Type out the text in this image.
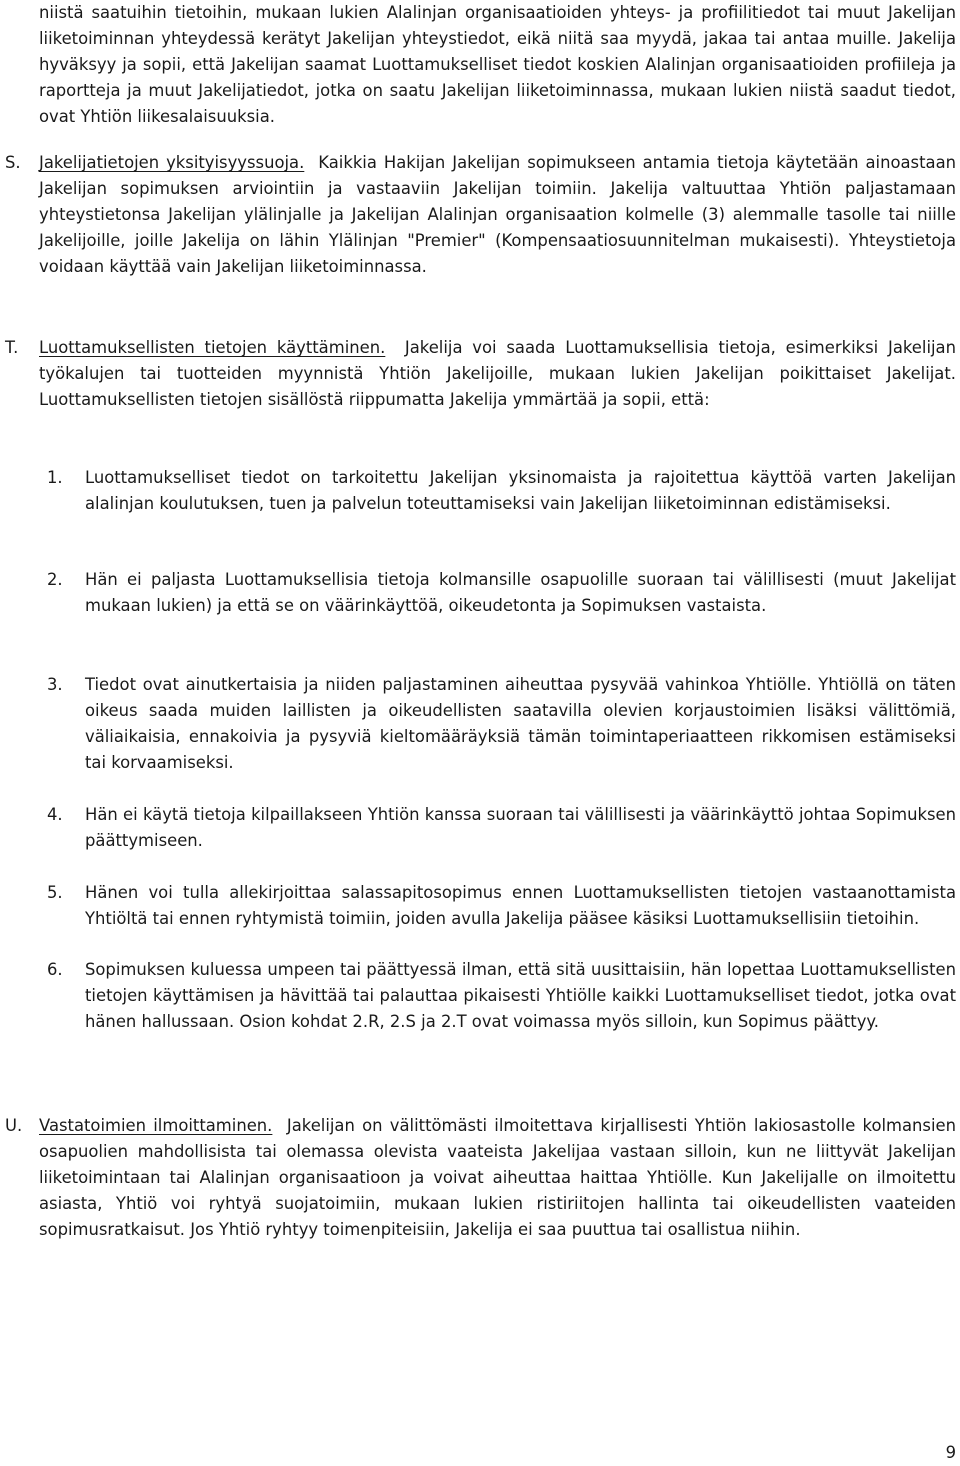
niistä saatuihin tietoihin, mukaan lukien Alalinjan organisaatioiden yhteys- ja profiilitiedot tai muut Jakelijan liiketoiminnan yhteydessä kerätyt Jakelijan yhteystiedot, eikä niitä saa myydä, jakaa tai antaa muille. Jakelija hyväksyy ja sopii, että Jakelijan saamat Luottamukselliset tiedot koskien Alalinjan organisaatioiden profiileja ja raportteja ja muut Jakelijatiedot, jotka on saatu Jakelijan liiketoiminnassa, mukaan lukien niistä saadut tiedot, ovat Yhtiön liikesalaisuuksia.

S. Jakelijatietojen yksityisyyssuoja. Kaikkia Hakijan Jakelijan sopimukseen antamia tietoja käytetään ainoastaan Jakelijan sopimuksen arviointiin ja vastaaviin Jakelijan toimiin. Jakelija valtuuttaa Yhtiön paljastamaan yhteystietonsa Jakelijan ylälinjalle ja Jakelijan Alalinjan organisaation kolmelle (3) alemmalle tasolle tai niille Jakelijoille, joille Jakelija on lähin Ylälinjan "Premier" (Kompensaatiosuunnitelman mukaisesti). Yhteystietoja voidaan käyttää vain Jakelijan liiketoiminnassa.

T. Luottamuksellisten tietojen käyttäminen. Jakelija voi saada Luottamuksellisia tietoja, esimerkiksi Jakelijan työkalujen tai tuotteiden myynnistä Yhtiön Jakelijoille, mukaan lukien Jakelijan poikittaiset Jakelijat. Luottamuksellisten tietojen sisällöstä riippumatta Jakelija ymmärtää ja sopii, että:

1. Luottamukselliset tiedot on tarkoitettu Jakelijan yksinomaista ja rajoitettua käyttöä varten Jakelijan alalinjan koulutuksen, tuen ja palvelun toteuttamiseksi vain Jakelijan liiketoiminnan edistämiseksi.

2. Hän ei paljasta Luottamuksellisia tietoja kolmansille osapuolille suoraan tai välillisesti (muut Jakelijat mukaan lukien) ja että se on väärinkäyttöä, oikeudetonta ja Sopimuksen vastaista.

3. Tiedot ovat ainutkertaisia ja niiden paljastaminen aiheuttaa pysyvää vahinkoa Yhtiölle. Yhtiöllä on täten oikeus saada muiden laillisten ja oikeudellisten saatavilla olevien korjaustoimien lisäksi välittömiä, väliaikaisia, ennakoivia ja pysyviä kieltomääräyksiä tämän toimintaperiaatteen rikkomisen estämiseksi tai korvaamiseksi.

4. Hän ei käytä tietoja kilpaillakseen Yhtiön kanssa suoraan tai välillisesti ja väärinkäyttö johtaa Sopimuksen päättymiseen.

5. Hänen voi tulla allekirjoittaa salassapitosopimus ennen Luottamuksellisten tietojen vastaanottamista Yhtiöltä tai ennen ryhtymistä toimiin, joiden avulla Jakelija pääsee käsiksi Luottamuksellisiin tietoihin.

6. Sopimuksen kuluessa umpeen tai päättyessä ilman, että sitä uusittaisiin, hän lopettaa Luottamuksellisten tietojen käyttämisen ja hävittää tai palauttaa pikaisesti Yhtiölle kaikki Luottamukselliset tiedot, jotka ovat hänen hallussaan. Osion kohdat 2.R, 2.S ja 2.T ovat voimassa myös silloin, kun Sopimus päättyy.

U. Vastatoimien ilmoittaminen. Jakelijan on välittömästi ilmoitettava kirjallisesti Yhtiön lakiosastolle kolmansien osapuolien mahdollisista tai olemassa olevista vaateista Jakelijaa vastaan silloin, kun ne liittyvät Jakelijan liiketoimintaan tai Alalinjan organisaatioon ja voivat aiheuttaa haittaa Yhtiölle. Kun Jakelijalle on ilmoitettu asiasta, Yhtiö voi ryhtyä suojatoimiin, mukaan lukien ristiriitojen hallinta tai oikeudellisten vaateiden sopimusratkaisut. Jos Yhtiö ryhtyy toimenpiteisiin, Jakelija ei saa puuttua tai osallistua niihin.

9
